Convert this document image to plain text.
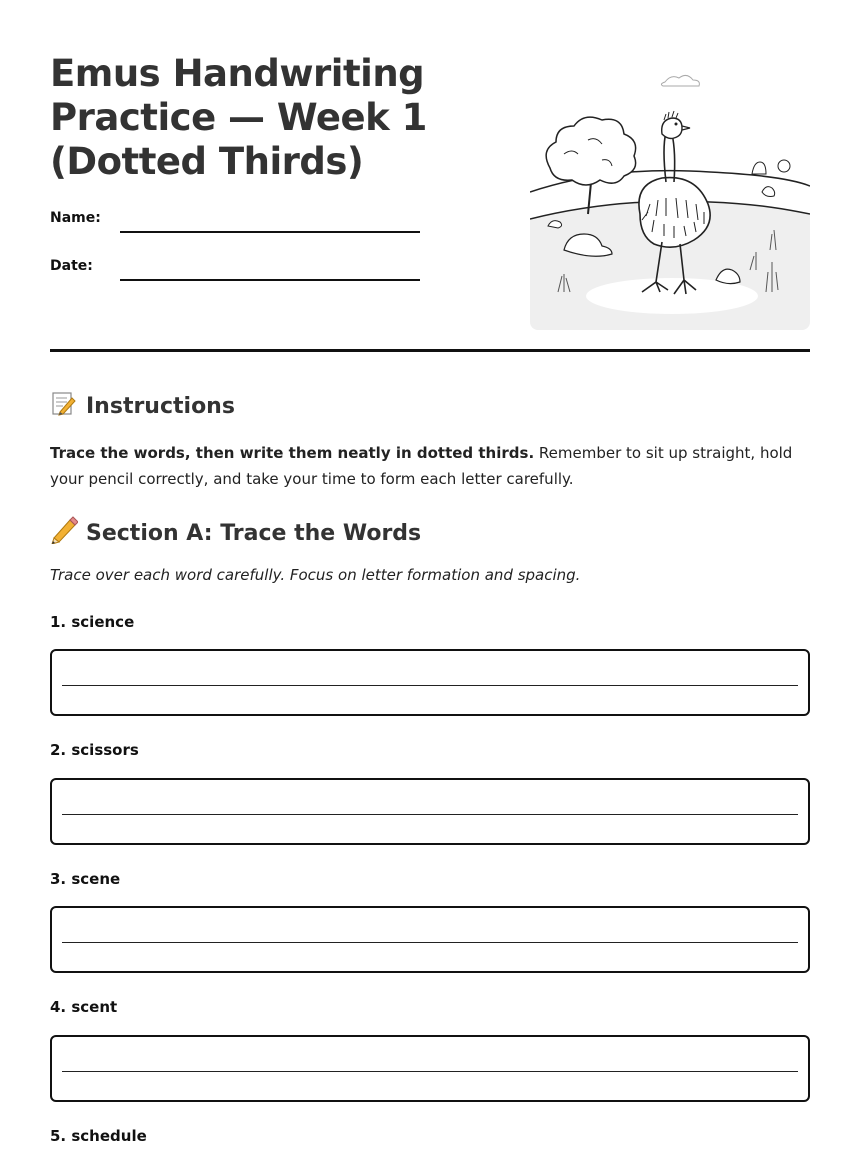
Emus Handwriting
Practice — Week 1
(Dotted Thirds)
Name:
Date:
Instructions
Trace the words, then write them neatly in dotted thirds. Remember to sit up straight, hold your pencil correctly, and take your time to form each letter carefully.
Section A: Trace the Words
Trace over each word carefully. Focus on letter formation and spacing.
1. science
2. scissors
3. scene
4. scent
5. schedule
